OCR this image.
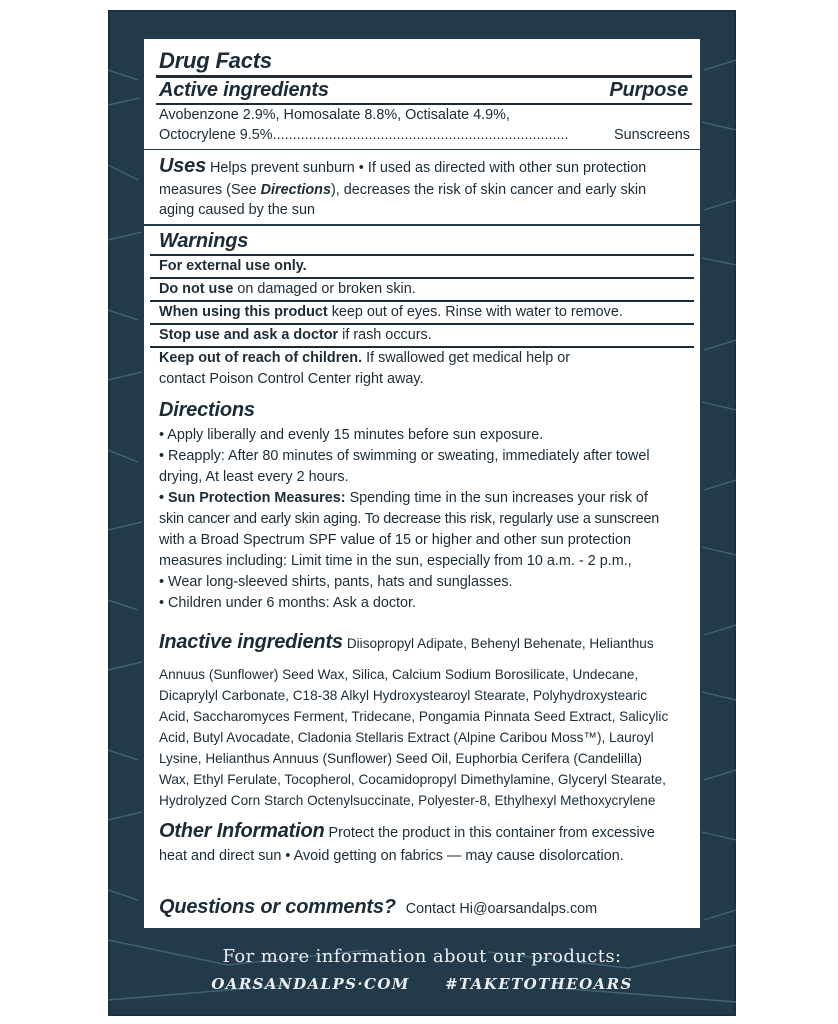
Drug Facts
Active ingredients	Purpose
Avobenzone 2.9%, Homosalate 8.8%, Octisalate 4.9%,
Octocrylene 9.5% ..........................................................................	Sunscreens
Uses Helps prevent sunburn • If used as directed with other sun protection
measures (See Directions), decreases the risk of skin cancer and early skin
aging caused by the sun
Warnings
For external use only.
Do not use on damaged or broken skin.
When using this product keep out of eyes. Rinse with water to remove.
Stop use and ask a doctor if rash occurs.
Keep out of reach of children. If swallowed get medical help or
contact Poison Control Center right away.
Directions
• Apply liberally and evenly 15 minutes before sun exposure.
• Reapply: After 80 minutes of swimming or sweating, immediately after towel
drying, At least every 2 hours.
• Sun Protection Measures: Spending time in the sun increases your risk of
skin cancer and early skin aging. To decrease this risk, regularly use a sunscreen
with a Broad Spectrum SPF value of 15 or higher and other sun protection
measures including: Limit time in the sun, especially from 10 a.m. - 2 p.m.,
• Wear long-sleeved shirts, pants, hats and sunglasses.
• Children under 6 months: Ask a doctor.
Inactive ingredients Diisopropyl Adipate, Behenyl Behenate, Helianthus
Annuus (Sunflower) Seed Wax, Silica, Calcium Sodium Borosilicate, Undecane,
Dicaprylyl Carbonate, C18-38 Alkyl Hydroxystearoyl Stearate, Polyhydroxystearic
Acid, Saccharomyces Ferment, Tridecane, Pongamia Pinnata Seed Extract, Salicylic
Acid, Butyl Avocadate, Cladonia Stellaris Extract (Alpine Caribou Moss™), Lauroyl
Lysine, Helianthus Annuus (Sunflower) Seed Oil, Euphorbia Cerifera (Candelilla)
Wax, Ethyl Ferulate, Tocopherol, Cocamidopropyl Dimethylamine, Glyceryl Stearate,
Hydrolyzed Corn Starch Octenylsuccinate, Polyester-8, Ethylhexyl Methoxycrylene
Other Information Protect the product in this container from excessive
heat and direct sun • Avoid getting on fabrics — may cause disolorcation.
Questions or comments? Contact Hi@oarsandalps.com
For more information about our products:
OARSANDALPS·COM #TAKETOTHEOARS
